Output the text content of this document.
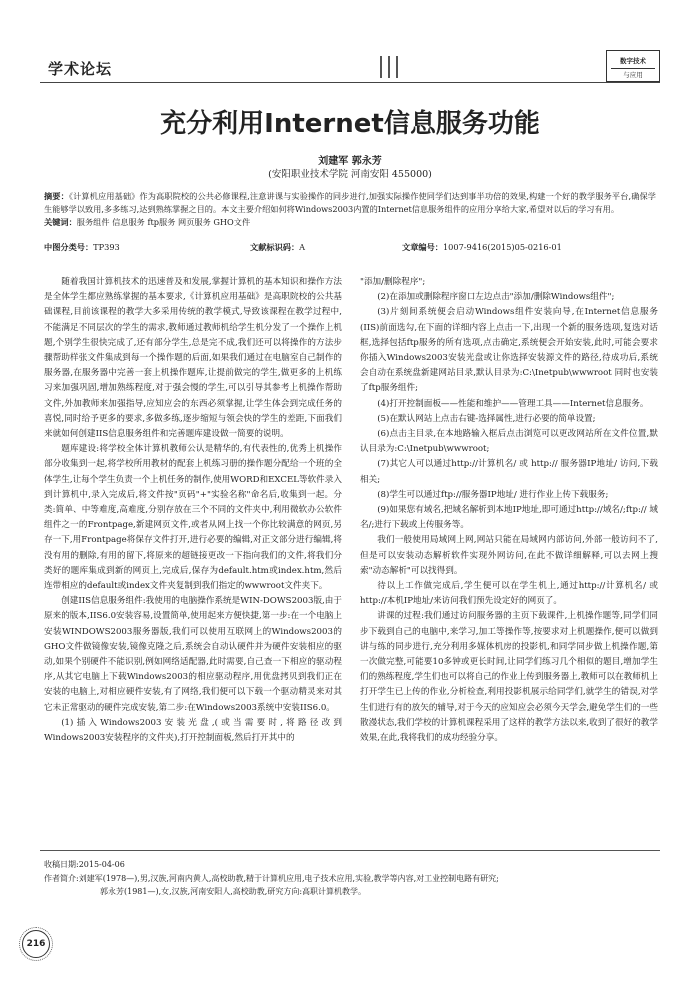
学术论坛	数字技术
与应用
充分利用Internet信息服务功能
刘建军 郭永芳
(安阳职业技术学院 河南安阳 455000)
摘要：《计算机应用基础》作为高职院校的公共必修课程,注意讲课与实验操作的同步进行,加强实际操作使同学们达到事半功倍的效果,构建一个好的教学服务平台,确保学生能够学以致用,多多练习,达到熟练掌握之目的。本文主要介绍如何将Windows2003内置的Internet信息服务组件的应用分享给大家,希望对以后的学习有用。
关键词：服务组件 信息服务 ftp服务 网页服务 GHO文件
中图分类号：TP393	文献标识码：A	文章编号：1007-9416(2015)05-0216-01

随着我国计算机技术的迅速普及和发展,掌握计算机的基本知识和操作方法是全体学生都应熟练掌握的基本要求,《计算机应用基础》是高职院校的公共基础课程,目前该课程的教学大多采用传统的教学模式,导致该课程在教学过程中,不能满足不同层次的学生的需求,教师通过教师机给学生机分发了一个操作上机题,个别学生很快完成了,还有部分学生,总是完不成,我们还可以将操作的方法步骤帮助样张文件集成到每一个操作题的后面,如果我们通过在电脑室自己制作的服务器,在服务器中完善一套上机操作题库,让提前做完的学生,做更多的上机练习来加强巩固,增加熟练程度,对于强会慢的学生,可以引导其参考上机操作帮助文件,外加教师来加强指导,应知应会的东西必须掌握,让学生体会到完成任务的喜悦,同时给予更多的要求,多做多练,逐步缩短与领会快的学生的差距,下面我们来就如何创建IIS信息服务组件和完善题库建设做一简要的说明。

题库建设:将学校全体计算机教师公认是精华的,有代表性的,优秀上机操作部分收集到一起,将学校所用教材的配套上机练习册的操作题分配给一个班的全体学生,让每个学生负责一个上机任务的制作,使用WORD和EXCEL等软件录入到计算机中,录入完成后,将文件按"页码"+"实验名称"命名后,收集到一起。分类:简单、中等难度,高难度,分别存放在三个不同的文件夹中,利用微软办公软件组件之一的Frontpage,新建网页文件,或者从网上找一个你比较满意的网页,另存一下,用Frontpage将保存文件打开,进行必要的编辑,对正文部分进行编辑,将没有用的删除,有用的留下,将原来的超链接更改一下指向我们的文件,将我们分类好的题库集成到新的网页上,完成后,保存为default.htm或index.htm,然后连带相应的default或index文件夹复制到我们指定的wwwroot文件夹下。

创建IIS信息服务组件:我使用的电脑操作系统是WIN-DOWS2003版,由于原来的版本,IIS6.0安装容易,设置简单,使用起来方便快捷,第一步:在一个电脑上安装WINDOWS2003服务器版,我们可以使用互联网上的Windows2003的GHO文件做镜像安装,镜像克隆之后,系统会自动认硬件并为硬件安装相应的驱动,如果个别硬件不能识别,例如网络适配器,此时需要,自己查一下相应的驱动程序,从其它电脑上下载Windows2003的相应驱动程序,用优盘拷贝到我们正在安装的电脑上,对相应硬件安装,有了网络,我们便可以下载一个驱动精灵来对其它未正常驱动的硬件完成安装,第二步:在Windows2003系统中安装IIS6.0。

(1)插入Windows2003安装光盘,(或当需要时,将路径改到Windows2003安装程序的文件夹),打开控制面板,然后打开其中的

"添加/删除程序";

(2)在添加或删除程序窗口左边点击"添加/删除Windows组件";

(3)片刻间系统便会启动Windows组件安装向导,在Internet信息服务(IIS)前面选勾,在下面的详细内容上点击一下,出现一个新的服务选项,复选对话框,选择包括ftp服务的所有选项,点击确定,系统便会开始安装,此时,可能会要求你插入Windows2003安装光盘或让你选择安装源文件的路径,待成功后,系统会自动在系统盘新建网站目录,默认目录为:C:\Inetpub\wwwroot 同时也安装了ftp服务组件;

(4)打开控制面板——性能和维护——管理工具——Internet信息服务。

(5)在默认网站上点击右键-选择属性,进行必要的简单设置;

(6)点击主目录,在本地路输入框后点击浏览可以更改网站所在文件位置,默认目录为:C:\Inetpub\wwwroot;

(7)其它人可以通过http://计算机名/ 或 http:// 服务器IP地址/ 访问,下载相关;

(8)学生可以通过ftp://服务器IP地址/ 进行作业上传下载服务;

(9)如果您有域名,把域名解析到本地IP地址,即可通过http://域名/;ftp:// 域名/;进行下载或上传服务等。

我们一般使用局域网上网,网站只能在局域网内部访问,外部一般访问不了,但是可以安装动态解析软件实现外网访问,在此不做详细解释,可以去网上搜索"动态解析"可以找得到。

待以上工作做完成后,学生便可以在学生机上,通过http://计算机名/ 或 http://本机IP地址/来访问我们预先设定好的网页了。

讲课的过程:我们通过访问服务器的主页下载课件,上机操作题等,同学们同步下载到自己的电脑中,来学习,加工等操作等,按要求对上机题操作,便可以做到讲与练的同步进行,充分利用多媒体机房的投影机,和同学同步做上机操作题,第一次做完整,可能要10多钟或更长时间,让同学们练习几个相似的题目,增加学生们的熟练程度,学生们也可以将自己的作业上传到服务器上,教师可以在教师机上打开学生已上传的作业,分析检查,利用投影机展示给同学们,就学生的错误,对学生们进行有的放矢的辅导,对于今天的应知应会必须今天学会,避免学生们的一些散漫状态,我们学校的计算机课程采用了这样的教学方法以来,收到了很好的教学效果,在此,我将我们的成功经验分享。

收稿日期:2015-04-06
作者简介:刘建军(1978—),男,汉族,河南内黄人,高校助教,精于计算机应用,电子技术应用,实验,教学等内容,对工业控制电路有研究;
郭永芳(1981—),女,汉族,河南安阳人,高校助教,研究方向:高职计算机教学。
216
